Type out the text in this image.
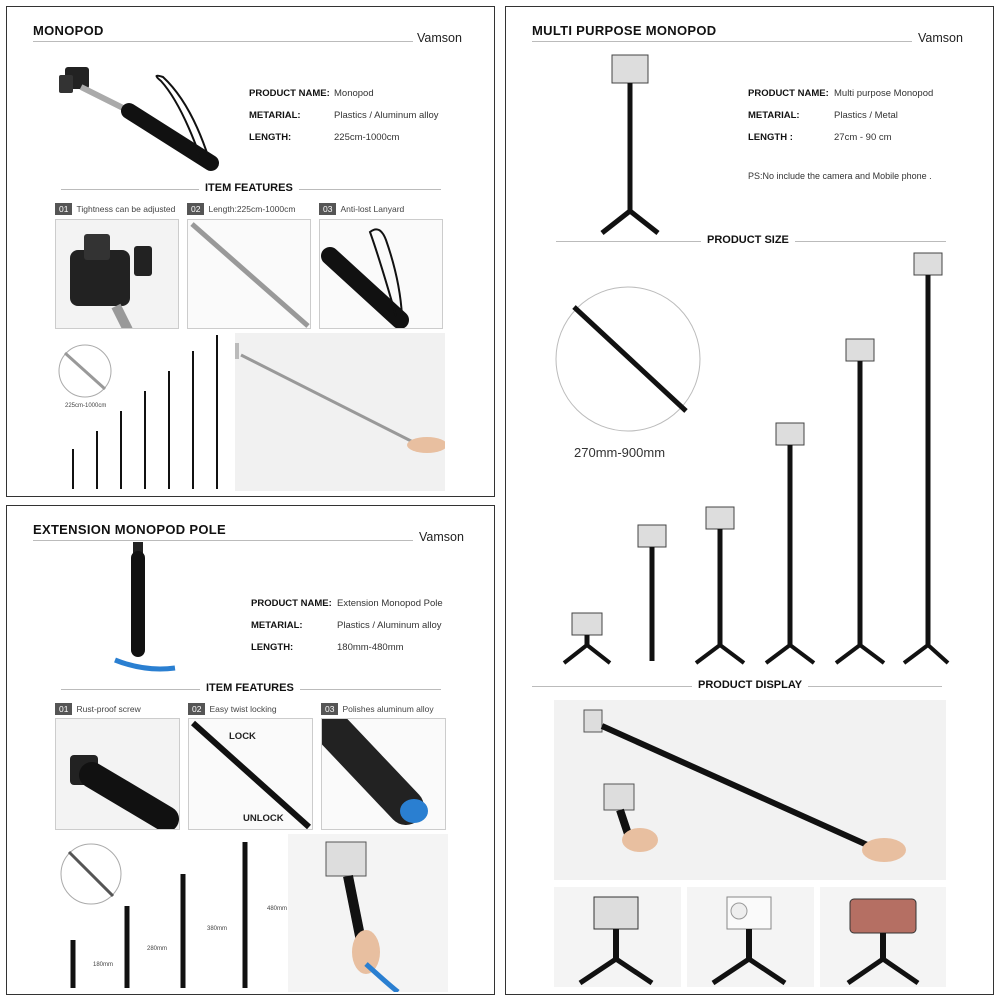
MONOPOD	Vamson
PRODUCT NAME: Monopod
METARIAL:	Plastics / Aluminum alloy
LENGTH:	225cm-1000cm
ITEM FEATURES
01 Tightness can be adjusted	02 Length:225cm-1000cm	03 Anti-lost Lanyard
225cm-1000cm
EXTENSION MONOPOD POLE	Vamson
PRODUCT NAME: Extension Monopod Pole
METARIAL:	Plastics / Aluminum alloy
LENGTH:	180mm-480mm
ITEM FEATURES
01 Rust-proof screw	02 Easy twist locking	03 Polishes aluminum alloy
LOCK
UNLOCK
180mm
280mm
380mm
480mm
MULTI PURPOSE MONOPOD	Vamson
PRODUCT NAME: Multi purpose Monopod
METARIAL:	Plastics / Metal
LENGTH :	27cm - 90 cm
PS:No include the camera and Mobile phone .
PRODUCT SIZE
270mm-900mm
PRODUCT DISPLAY
